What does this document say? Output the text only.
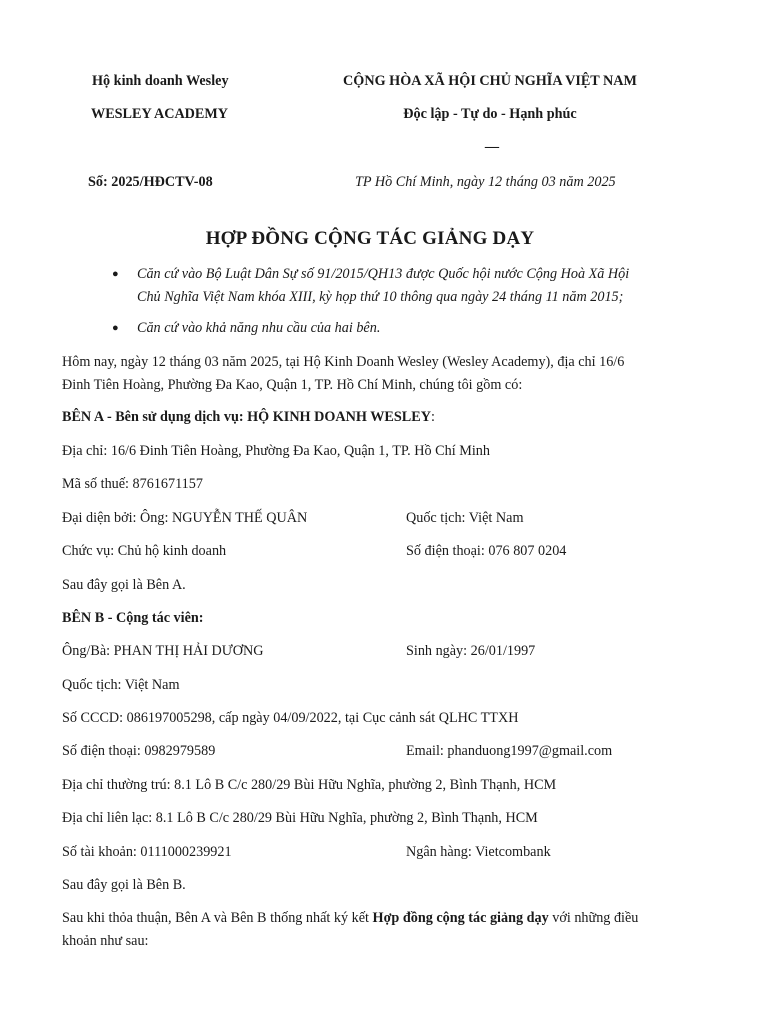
Hộ kinh doanh Wesley
WESLEY ACADEMY
CỘNG HÒA XÃ HỘI CHỦ NGHĨA VIỆT NAM
Độc lập - Tự do - Hạnh phúc
—
Số: 2025/HĐCTV-08	TP Hồ Chí Minh, ngày 12 tháng 03 năm 2025
HỢP ĐỒNG CỘNG TÁC GIẢNG DẠY
● Căn cứ vào Bộ Luật Dân Sự số 91/2015/QH13 được Quốc hội nước Cộng Hoà Xã Hội
Chủ Nghĩa Việt Nam khóa XIII, kỳ họp thứ 10 thông qua ngày 24 tháng 11 năm 2015;
● Căn cứ vào khả năng nhu cầu của hai bên.
Hôm nay, ngày 12 tháng 03 năm 2025, tại Hộ Kinh Doanh Wesley (Wesley Academy), địa chỉ 16/6
Đinh Tiên Hoàng, Phường Đa Kao, Quận 1, TP. Hồ Chí Minh, chúng tôi gồm có:
BÊN A - Bên sử dụng dịch vụ: HỘ KINH DOANH WESLEY:
Địa chỉ: 16/6 Đinh Tiên Hoàng, Phường Đa Kao, Quận 1, TP. Hồ Chí Minh
Mã số thuế: 8761671157
Đại diện bởi: Ông: NGUYỄN THẾ QUÂN	Quốc tịch: Việt Nam
Chức vụ: Chủ hộ kinh doanh	Số điện thoại: 076 807 0204
Sau đây gọi là Bên A.
BÊN B - Cộng tác viên:
Ông/Bà: PHAN THỊ HẢI DƯƠNG	Sinh ngày: 26/01/1997
Quốc tịch: Việt Nam
Số CCCD: 086197005298, cấp ngày 04/09/2022, tại Cục cảnh sát QLHC TTXH
Số điện thoại: 0982979589	Email: phanduong1997@gmail.com
Địa chỉ thường trú: 8.1 Lô B C/c 280/29 Bùi Hữu Nghĩa, phường 2, Bình Thạnh, HCM
Địa chỉ liên lạc: 8.1 Lô B C/c 280/29 Bùi Hữu Nghĩa, phường 2, Bình Thạnh, HCM
Số tài khoản: 0111000239921	Ngân hàng: Vietcombank
Sau đây gọi là Bên B.
Sau khi thỏa thuận, Bên A và Bên B thống nhất ký kết Hợp đồng cộng tác giảng dạy với những điều
khoản như sau:
